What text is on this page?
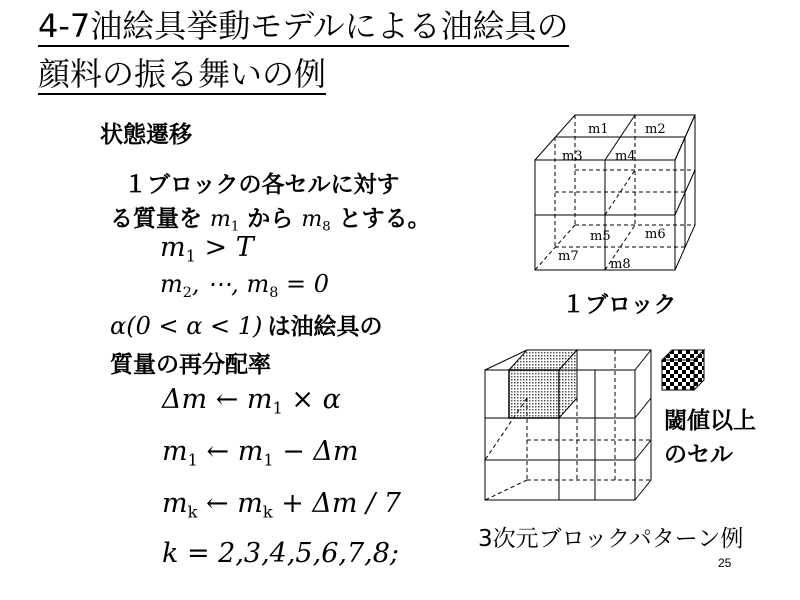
4-7油絵具挙動モデルによる油絵具の
顔料の振る舞いの例
状態遷移
１ブロックの各セルに対す
る質量を $m_1$ から $m_8$ とする。
$m_1 > T$
$m_2$, ⋯, $m_8 = 0$
α(0 < α < 1) は油絵具の
質量の再分配率
Δm ← $m_1 \times \alpha$
$m_1$ ← $m_1 - \Delta m$
$m_k$ ← $m_k + \Delta m / 7$
k = 2,3,4,5,6,7,8;
m1	m2
m3 m4
m5	m6
m7
m8
１ブロック
3次元ブロックパターン例
閾値以上
のセル
25
